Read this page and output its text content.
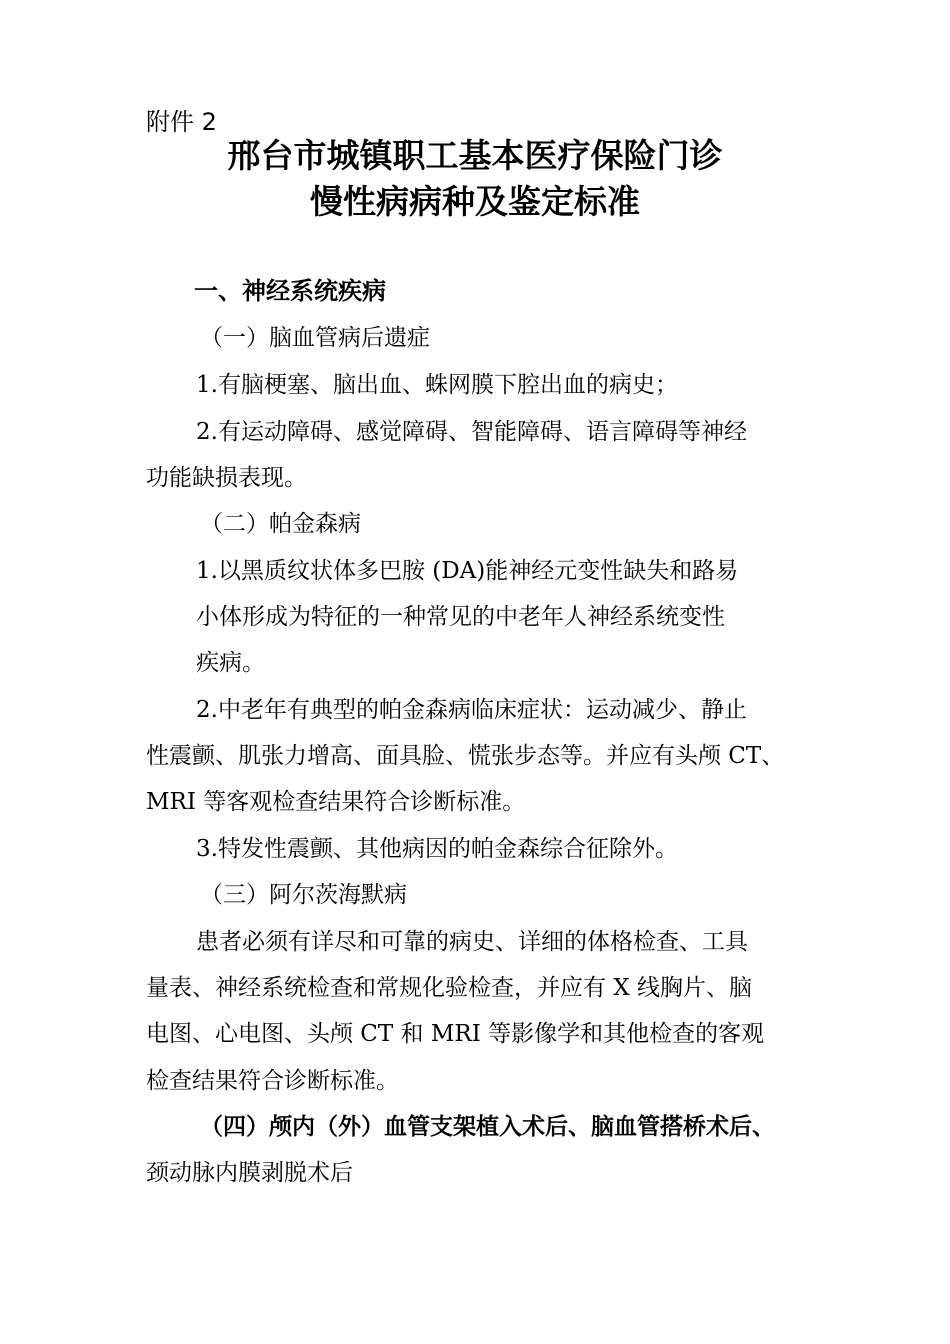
附件 2
邢台市城镇职工基本医疗保险门诊
慢性病病种及鉴定标准
一、神经系统疾病
（一）脑血管病后遗症
1.有脑梗塞、脑出血、蛛网膜下腔出血的病史；
2.有运动障碍、感觉障碍、智能障碍、语言障碍等神经
功能缺损表现。
（二）帕金森病
1.以黑质纹状体多巴胺 (DA)能神经元变性缺失和路易
小体形成为特征的一种常见的中老年人神经系统变性
疾病。
2.中老年有典型的帕金森病临床症状：运动减少、静止
性震颤、肌张力增高、面具脸、慌张步态等。并应有头颅 CT、
MRI 等客观检查结果符合诊断标准。
3.特发性震颤、其他病因的帕金森综合征除外。
（三）阿尔茨海默病
患者必须有详尽和可靠的病史、详细的体格检查、工具
量表、神经系统检查和常规化验检查，并应有 X 线胸片、脑
电图、心电图、头颅 CT 和 MRI 等影像学和其他检查的客观
检查结果符合诊断标准。
（四）颅内（外）血管支架植入术后、脑血管搭桥术后、
颈动脉内膜剥脱术后
